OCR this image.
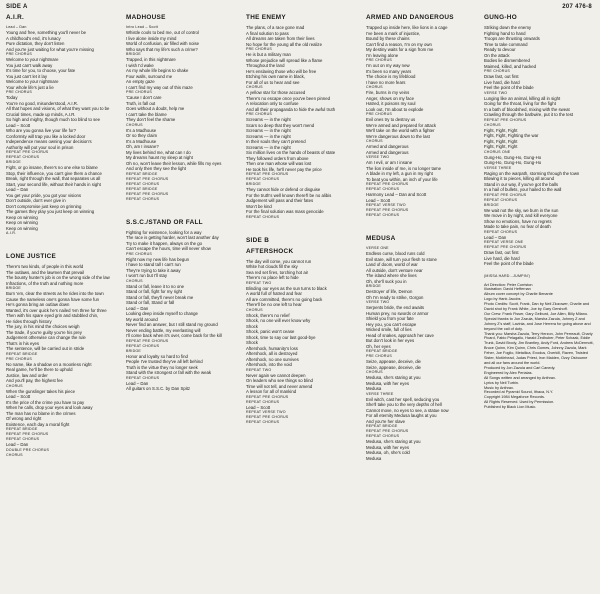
SIDE A	207 476-8
A.I.R.
Lead – Dan
Young and free, something you'll never be
A childhood's end, it's lunacy
Pure dictation, they don't listen
And you're just waiting for what you're missing
PRE CHORUS
Welcome to your nightmare
You just can't walk away
It's time for you, to choose, your fate
You just can't let it lay
Welcome to your nightmare
Your whole life's just a lie
PRE CHORUS
Today
You're no good, misunderstood, A.I.R.
All that hopes and visions, of what they want you to be
Crucial times, made up minds, A.I.R.
So high and mighty, though much too blind to see
Lead – Scott
Who are you gonna live your life for?
Conformity will trap you like a locked door
Independence means owning your decision's
Authority will put your soul in prison
REPEAT PRE CHORUS
REPEAT CHORUS
BRIDGE
Fight, or go insane, there's no one else to blame
Stop, their influence, you can't give them a chance
Break, right through the wall, that separates us all
Start, your second life, without their hands in sight
Lead – Dan
You get your pride, you got your visions
Don't outside, don't ever give in
Don't compromise just keep on grinning
The games they play you just keep on winning
Keep on winning
Keep on winning
Keep on winning
A.I.R.
LONE JUSTICE
There's two kinds, of people in this world
The outlaws, and the lawmen that prevail
The bounty hunter's job is on the wrong side of the law
Infractions, of the truth and nothing more
BRIDGE
Burn 'em, clear the streets as he rides into the town
Cause the nameless one's gonna have some fun
He's gonna bring an outlaw down
Wanted, it's over quick he's nailed 'em three for three
Then with his spare eyed grin and stubbled chin,
He rides through history
The jury, in his mind the choices weigh
The trade, if you're guilty you're his prey
Judgement otherwise can change the rule
That's in his eyes
The sentence, will be carried out in stride
REPEAT BRIDGE
PRE CHORUS
No name, like a shadow on a moonless night
Real game, he'll be there to uphold
Justice, law and order
And you'll pay, the highest fee
CHORUS
When the gunslinger takes his piece
Lead – Scott
It's the price of the crime you have to pay
When he calls, drop your eyes and look away
The man has no blame in the crimes
Of wrong and right
Existence, each day a moral fight
REPEAT BRIDGE
REPEAT PRE CHORUS
REPEAT CHORUS
Lead – Dan
DOUBLE PRE CHORUS
CHORUS
MADHOUSE
Intro Lead – Scott
Whistle cools to bed me, out of control
I live alone inside my mind
World of confusion, air filled with noise
Who says that my life's such a crime?
BRIDGE
Trapped, in this nightmare
I wish I'd wake
As my whole life begins to shake
Four walls, surround me
An empty gaze
I can't find my way out of this maze
PRE CHORUS
'Cause I don't care
Truth, is fall out
Goes without a doubt, help me
I can't take the blame
They don't feel the shame
CHORUS
It's a Madhouse
Or so they claim
It's a Madhouse
Oh, am I insane?
My lives behind me, what can I do
My dreams haunt my sleep at night
Oh no, won't leave their lesson, while fills my eyes
And only then they see the light
REPEAT BRIDGE
REPEAT PRE CHORUS
REPEAT CHORUS
REPEAT BRIDGE
REPEAT PRE CHORUS
REPEAT CHORUS
S.S.C./STAND OR FALL
Fighting for existence, looking for a way
The race is getting harder, won't last another day
Try to make it happen, always on the go
Can't escape the hours, time will never show
PRE CHORUS
Right now my new life has begun
I have to stand tall I can't run
They're trying to take it away
I won't run but I'll stay
CHORUS
Stand or fall, leave it to no one
Stand or fall, fight for my right
Stand or fall, they'll never break me
Stand or fall, Stand or fall
Lead – Dan
Looking deep inside myself to change
My world around
Never find an answer, but I still stand my ground
Never ending battle, my everlasting will
I'll come back when it's over, come back for the kill
REPEAT PRE CHORUS
REPEAT CHORUS
BRIDGE
Honor and loyalty so hard to find
People I've trusted they've all left behind
Truth is the virtue they no longer seek
Stand with the strongest or fall with the weak
REPEAT CHORUS
Lead – Dan
All guitars on S.S.C. by Dan Spitz
THE ENEMY
The plans, of a race gone mad
A final solution to pass
All dreams are taken from their lives
No hope for the young all the old realize
PRE CHORUS
He is but a military man
Whose prejudice will spread like a flame
Throughout the land
He's enslaving those who will be free
Etching his own name in black,
For all of us to hear and see
CHORUS
A yellow star for those accused
There's no escape once you've been pinned
A relocation only to confuse
And all their propaganda to hide the awful truth
PRE CHORUS
Screams — in the night
Scars so deep that they won't mend
Screams — in the night
Screams — in the night
In their souls they can't pretend
Screams — in the night
Six million lives on the hands of beasts of state
They followed orders from above
Then one man whose will was lost
He took his life, he'll never pay the price
REPEAT PRE CHORUS
REPEAT CHORUS
BRIDGE
They cannot hide or defend or disguise
For the truth's well known there'll be no alibis
Judgement will pass and their fates
Won't be kind
For the final solution was mass genocide
REPEAT CHORUS
SIDE B
AFTERSHOCK
The day will come, you cannot run
White hot clouds fill the sky
Sea red set fires, torching hot air
There's no place left to hide
REPEAT TWO
Blinding our eyes as the sun turns to black
A world full of hatred and fear
All are committed, there's no going back
There'll be no one left to hear
CHORUS
Shock, there's no relief
Shock, no one will ever know why
Shock
Shock, panic won't cease
Shock, time to say our last good-bye
Shock
Aftershock, humanity's loss
Aftershock, all is destroyed
Aftershock, no one survives
Aftershock, into the void
REPEAT TWO
Never again we cannot deepen
On leaders who see things so blind
Time will not tell, and never amend
A lesson for all of mankind
REPEAT PRE CHORUS
REPEAT CHORUS
Lead – Scott
REPEAT VERSE TWO
REPEAT PRE CHORUS
REPEAT CHORUS
ARMED AND DANGEROUS
Trapped up inside here, like lions in a cage
I've been a mark of injustice,
Bound by these chains
Can't find a reason, I'm on my own
My destiny waits for a sign from me
I'm leaving alone
PRE CHORUS
I'm out on my way new
It's been so many years
The choice is my lifeblood
I have no more fears
CHORUS
Fire, burns in my veins
Anger, shows on my face
Hatred, it poisons my soul
Look out, I'm about to explode
PRE CHORUS
Evil ones try to destroy us
We're armed and prepared for attack
We'll take on the world with a fighter
We're dangerous down to the last
CHORUS
Armed and dangerous
Armed and dangerous
VERSE TWO
Am I evil, or am I insane
The lion inside of me, is no longer tame
A blade in my left, a gun in my right
To beat you within, an inch of your life
REPEAT PRE CHORUS
REPEAT CHORUS
Harmony Lead – Dan and Scott
Lead – Scott
REPEAT VERSE TWO
REPEAT PRE CHORUS
REPEAT CHORUS
MEDUSA
VERSE ONE
Endless curse, blood runs cold
Evil stare, will turn your flesh to stone
Land of doom, world of war
All outside, don't venture near
The island where she lives
Oh, she'll suck you in
BRIDGE
Destroyer of life, Demon
Oh I'm ready to strike, Gorgon
VERSE TWO
Serpents bride, the end awaits
Human prey, no swords or armor
Shield you from your fate
Hey you, you can't escape
Wicked smile, full of lies
Head of snakes, approach her cave
But don't look in her eyes
Oh, her eyes
REPEAT BRIDGE
PRE CHORUS
Seize, appease, deceive, die
Seize, appease, deceive, die
CHORUS
Medusa, she's staring at you
Medusa, with her eyes
Medusa
VERSE THREE
Evil witch, cast her spell, seducing you
She'll take you to the very depths of hell
Cannot move, no eyes to see, a statue now
For all eternity Medusa laughs at you
And you're her slave
REPEAT BRIDGE
REPEAT PRE CHORUS
REPEAT CHORUS
Medusa, she's staring at you
Medusa, with her eyes
Medusa, oh, she's cold
Medusa
GUNG-HO
Striking down the enemy
Fighting hand to hand
Troops are thrusting onwards
Time to take command
Ready to devour
On the attack
Bodies lie dismembered
Maimed, killed, and hacked
PRE CHORUS
Draw fast, out first
Live hard, die hard
Feel the point of the blade
VERSE TWO
Lunging like an animal, killing all in sight
Going for the throat, living for the fight
In a bath of bloodshed, mixing with the sweat
Crawling through the barbwire, put it to the test
REPEAT PRE CHORUS
CHORUS
Fight, Fight, Fight
Fight, Fight, Fighting the war
Fight, Fight, Fight
Fight, Fight, Fight
CHORUS ONE
Gung-Ho, Gung-Ho, Gung-Ho
Gung-Ho, Gung-Ho, Gung-Ho
VERSE THREE
Raging on the warpath, storming through the town
Blowing it to pieces, killing all around
Stand in our way, if you've got the balls
In a hail of bullets, your hailed to the wall
REPEAT PRE CHORUS
REPEAT CHORUS
BRIDGE
We wait not the sky, we burn in the sun
We move in by night, and kill everyone
Show no emotions, have no regrets
Made to take pain, no fear of death
REPEAT CHORUS
Lead – Dan
REPEAT VERSE ONE
REPEAT PRE CHORUS
Draw fast, out first
Live hard, die hard
Feel the point of the blade
(MISSA HARD...JUMPIN')
Art Direction: Peter Corriston
Illustration: David Heffernan
Album cover concept by Charlie Benante
Logo by Hank Jacobs
Photo Credits: Scott, Frank, Dan by Neil Zlozower, Charlie and David shot by Frank White, Joe by Gary Gershoff.
Our Crew: Frank Fisser, Gary Gelburd, Joe Allen, Billy Milano.
Special thanks to Jon Zazula, Marsha Zazula, Johnny Z and Johnny Z's staff, Lavinia, and Jose Herrera for going above and beyond the call of duty.
Thank you: Marsha Zazula, Terry Herzon, John Perreault, Charly Picard, Fabio Pelagallo, Harald Zedhuber, Peter Schaak, Eddie Trunk, David Brody, Jim Brantley, Andy Ford, Andrew McDermott, Bruce Quinn, Kim Quinn, Chris Gomes, Johnny Zazula, Mark Feher, Joe Foglio, Metallica, Exodus, Overkill, Raven, Twisted Sister, Motörhead, Judas Priest, Iron Maiden, Ozzy Osbourne and all our fans around the world.
Produced by Jon Zazula and Carl Canedy.
Engineered by Alex Perialas.
All Songs written and arranged by Anthrax.
Lyrics by Neil Turbin.
Music by Anthrax.
Recorded at Pyramid Sound, Ithaca, N.Y.
Copyright 1984 Megaforce Records.
All Rights Reserved. Used by Permission.
Published by Black Lion Music.
